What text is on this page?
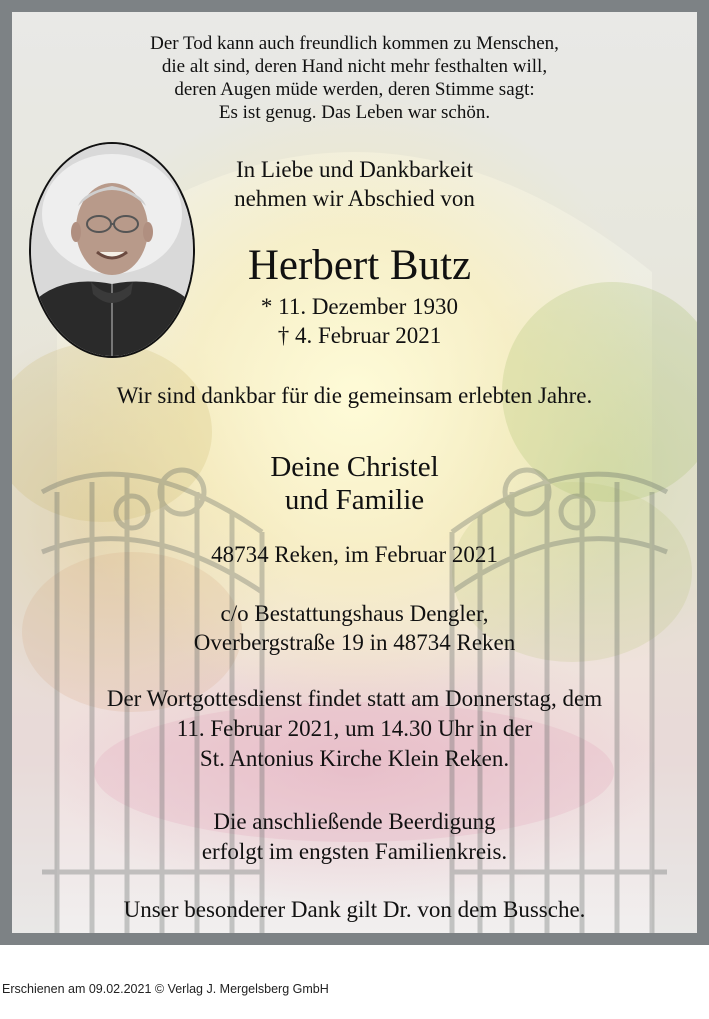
Der Tod kann auch freundlich kommen zu Menschen,
die alt sind, deren Hand nicht mehr festhalten will,
deren Augen müde werden, deren Stimme sagt:
Es ist genug. Das Leben war schön.
In Liebe und Dankbarkeit
nehmen wir Abschied von
Herbert Butz
* 11. Dezember 1930
† 4. Februar 2021
Wir sind dankbar für die gemeinsam erlebten Jahre.
Deine Christel
und Familie
48734 Reken, im Februar 2021
c/o Bestattungshaus Dengler,
Overbergstraße 19 in 48734 Reken
Der Wortgottesdienst findet statt am Donnerstag, dem
11. Februar 2021, um 14.30 Uhr in der
St. Antonius Kirche Klein Reken.
Die anschließende Beerdigung
erfolgt im engsten Familienkreis.
Unser besonderer Dank gilt Dr. von dem Bussche.
Erschienen am 09.02.2021 © Verlag J. Mergelsberg GmbH
